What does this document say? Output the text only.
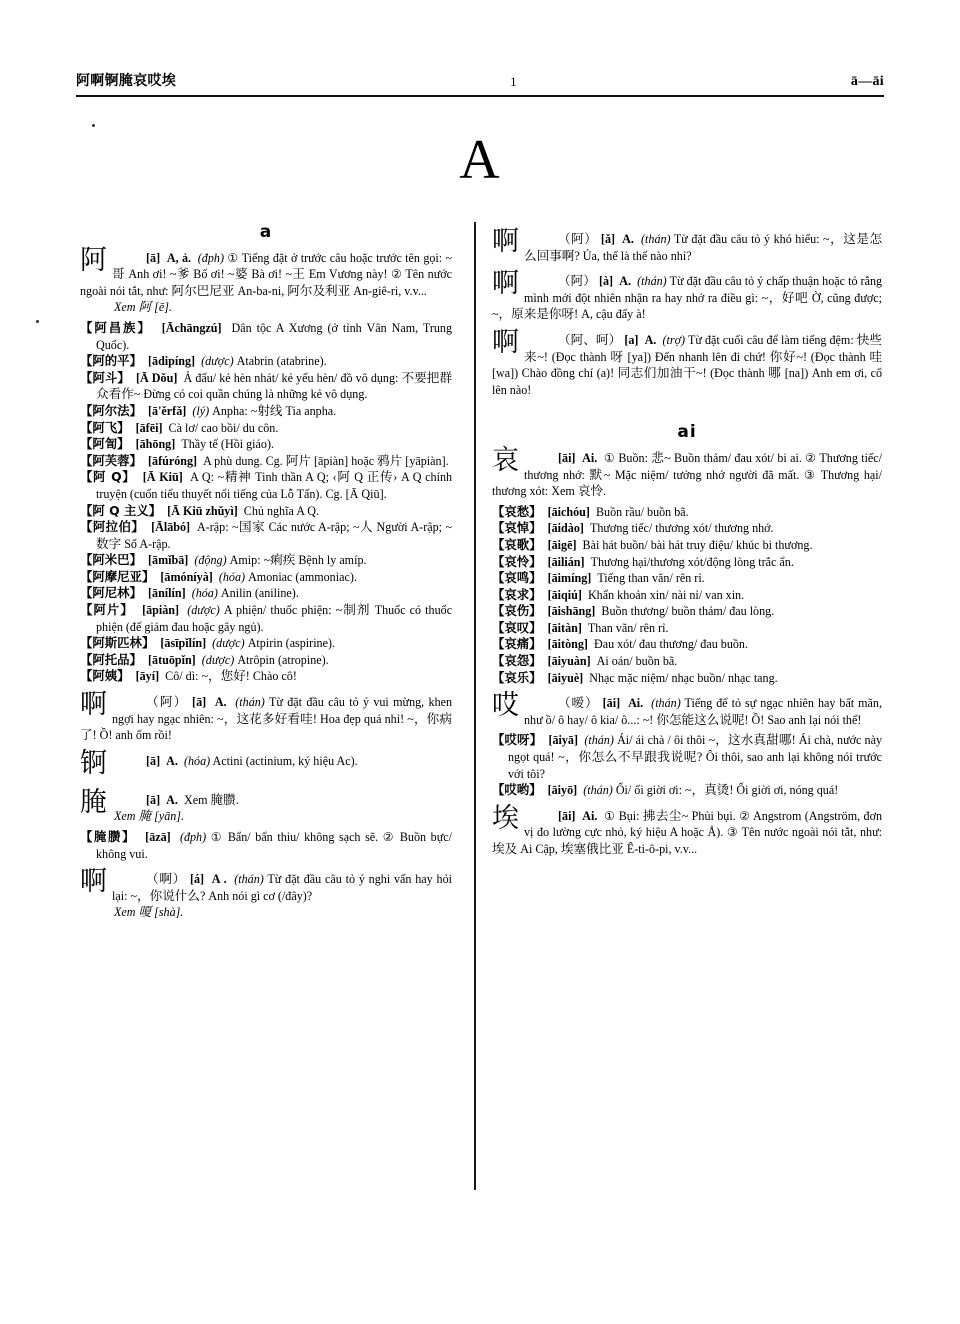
阿啊锕腌哀哎埃	1	ā—āi
A
a
阿	[ā] A, ả. (đph) ① Tiếng đặt ở trước câu hoặc trước tên gọi: ~哥 Anh ơi! ~爹 Bố ơi! ~婆 Bà ơi! ~王 Em Vương này! ② Tên nước ngoài nói tắt, như: 阿尔巴尼亚 An-ba-ni, 阿尔及利亚 An-giê-ri, v.v...
Xem 阿 [ē].

【阿昌族】 [Āchāngzú] Dân tộc A Xương (ở tỉnh Vân Nam, Trung Quốc).

【阿的平】 [ādipíng] (dược) Atabrin (atabrine).

【阿斗】 [Ā Dǒu] Ả đẩu/ kẻ hèn nhát/ kẻ yếu hèn/ đồ vô dụng: 不要把群众看作~ Đừng có coi quần chúng là những kẻ vô dụng.

【阿尔法】 [ā'ěrfǎ] (lý) Anpha: ~射线 Tia anpha.

【阿飞】 [āfēi] Cà lơ/ cao bồi/ du côn.

【阿訇】 [āhōng] Thầy tế (Hồi giáo).

【阿芙蓉】 [āfúróng] A phù dung. Cg. 阿片 [āpiàn] hoặc 鸦片 [yāpiàn].

【阿 Q】 [Ā Kiū] A Q: ~精神 Tinh thần A Q; ‹阿 Q 正传› A Q chính truyện (cuốn tiểu thuyết nổi tiếng của Lỗ Tấn). Cg. [Ā Qiū].

【阿 Q 主义】 [Ā Kiū zhǔyì] Chủ nghĩa A Q.

【阿拉伯】 [Ālābó] A-rập: ~国家 Các nước A-rập; ~人 Người A-rập; ~数字 Số A-rập.

【阿米巴】 [āmǐbā] (động) Amip: ~痢疾 Bệnh ly amíp.

【阿摩尼亚】 [āmóníyà] (hóa) Amoniac (ammoniac).

【阿尼林】 [ānílín] (hóa) Anilin (aniline).

【阿片】 [āpiàn] (dược) A phiện/ thuốc phiện: ~制剂 Thuốc có thuốc phiện (để giảm đau hoặc gây ngủ).

【阿斯匹林】 [āsīpǐlín] (dược) Atpirin (aspirine).

【阿托品】 [ātuōpǐn] (dược) Atrôpin (atropine).

【阿姨】 [āyí] Cô/ dì: ~，您好! Chào cô!

啊	（阿） [ā] A. (thán) Từ đặt đầu câu tỏ ý vui mừng, khen ngợi hay ngạc nhiên: ~，这花多好看哇! Hoa đẹp quá nhỉ! ~，你病了! Ồ! anh ốm rồi!
锕	[ā] A. (hóa) Actini (actinium, ký hiệu Ac).
腌	[ā] A. Xem 腌臜.
Xem 腌 [yān].

【腌臜】 [āzā] (đph) ① Bẩn/ bẩn thiu/ không sạch sẽ. ② Buồn bực/ không vui.

啊	（啊） [á] A . (thán) Từ đặt đầu câu tỏ ý nghi vấn hay hỏi lại: ~，你说什么? Anh nói gì cơ (/đây)?
Xem 嗄 [shà].
啊	（阿） [ǎ] A. (thán) Từ đặt đầu câu tỏ ý khó hiểu: ~，这是怎么回事啊? Ủa, thế là thế nào nhỉ?
啊	（阿） [à] A. (thán) Từ đặt đầu câu tỏ ý chấp thuận hoặc tỏ rằng mình mới đột nhiên nhận ra hay nhớ ra điều gì: ~，好吧 Ờ, cũng được; ~，原来是你呀! A, cậu đấy à!
啊	（阿、呵） [a] A. (trợ) Từ đặt cuối câu để làm tiếng đệm: 快些来~! (Đọc thành 呀 [ya]) Đến nhanh lên đi chứ! 你好~! (Đọc thành 哇 [wa]) Chào đồng chí (a)! 同志们加油干~! (Đọc thành 哪 [na]) Anh em ơi, cố lên nào!
ai
哀	[āi] Ai. ① Buồn: 悲~ Buồn thảm/ đau xót/ bi ai. ② Thương tiếc/ thương nhớ: 默~ Mặc niệm/ tưởng nhớ người đã mất. ③ Thương hại/ thương xót: Xem 哀怜.

【哀愁】 [āichóu] Buồn rầu/ buồn bã.

【哀悼】 [āidào] Thương tiếc/ thương xót/ thương nhớ.

【哀歌】 [āigē] Bài hát buồn/ bài hát truy điệu/ khúc bi thương.

【哀怜】 [āilián] Thương hại/thương xót/động lòng trắc ẩn.

【哀鸣】 [āimíng] Tiếng than văn/ rên rỉ.

【哀求】 [āiqiú] Khẩn khoản xin/ nài nỉ/ van xin.

【哀伤】 [āishāng] Buồn thương/ buồn thảm/ đau lòng.

【哀叹】 [āitàn] Than vãn/ rên rỉ.

【哀痛】 [āitòng] Đau xót/ đau thương/ đau buồn.

【哀怨】 [āiyuàn] Ai oán/ buồn bã.

【哀乐】 [āiyuè] Nhạc mặc niệm/ nhạc buồn/ nhạc tang.

哎	（嗳） [āi] Ai. (thán) Tiếng để tỏ sự ngạc nhiên hay bất mãn, như ồ/ ô hay/ ô kia/ ô...: ~! 你怎能这么说呢! Ồ! Sao anh lại nói thế!

【哎呀】 [āiyā] (thán) Ái/ ái chà / ôi thôi ~，这水真甜哪! Ái chà, nước này ngọt quá! ~，你怎么不早跟我说呢? Ôi thôi, sao anh lại không nói trước với tôi?

【哎哟】 [āiyō] (thán) Ối/ ối giời ơi: ~，真烫! Ối giời ơi, nóng quá!

埃	[āi] Ai. ① Bụi: 拂去尘~ Phủi bụi. ② Angstrom (Angström, đơn vị đo lường cực nhỏ, ký hiệu A hoặc Å). ③ Tên nước ngoài nói tắt, như: 埃及 Ai Cập, 埃塞俄比亚 Ê-ti-ô-pi, v.v...
